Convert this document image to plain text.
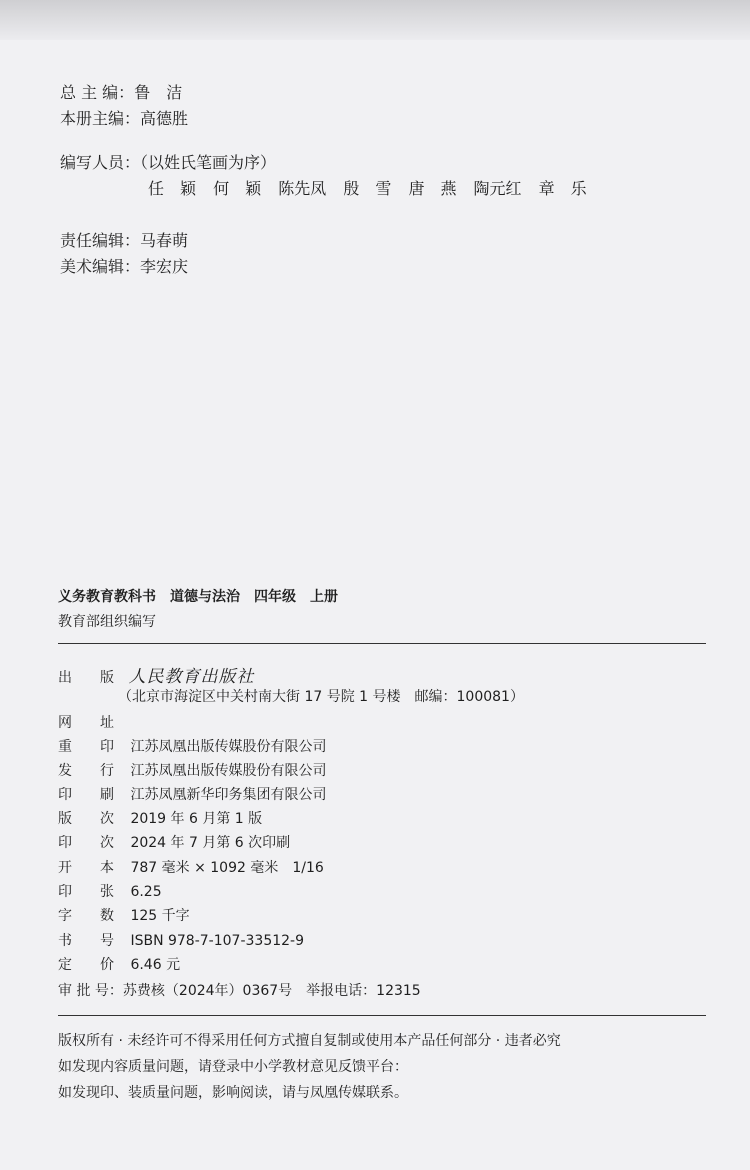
总 主 编：鲁　洁
本册主编：高德胜
编写人员：（以姓氏笔画为序）
任　颖 何　颖 陈先凤 殷　雪 唐　燕 陶元红 章　乐
责任编辑：马春萌
美术编辑：李宏庆
义务教育教科书　道德与法治　四年级　上册
教育部组织编写
出　　版 人民教育出版社
（北京市海淀区中关村南大街 17 号院 1 号楼　邮编：100081）
网　　址
重　　印 江苏凤凰出版传媒股份有限公司
发　　行 江苏凤凰出版传媒股份有限公司
印　　刷 江苏凤凰新华印务集团有限公司
版　　次 2019 年 6 月第 1 版
印　　次 2024 年 7 月第 6 次印刷
开　　本 787 毫米 × 1092 毫米　1/16
印　　张 6.25
字　　数 125 千字
书　　号 ISBN 978-7-107-33512-9
定　　价 6.46 元
审 批 号：苏费核（2024年）0367号　举报电话：12315
版权所有 · 未经许可不得采用任何方式擅自复制或使用本产品任何部分 · 违者必究
如发现内容质量问题，请登录中小学教材意见反馈平台：
如发现印、装质量问题，影响阅读，请与凤凰传媒联系。
